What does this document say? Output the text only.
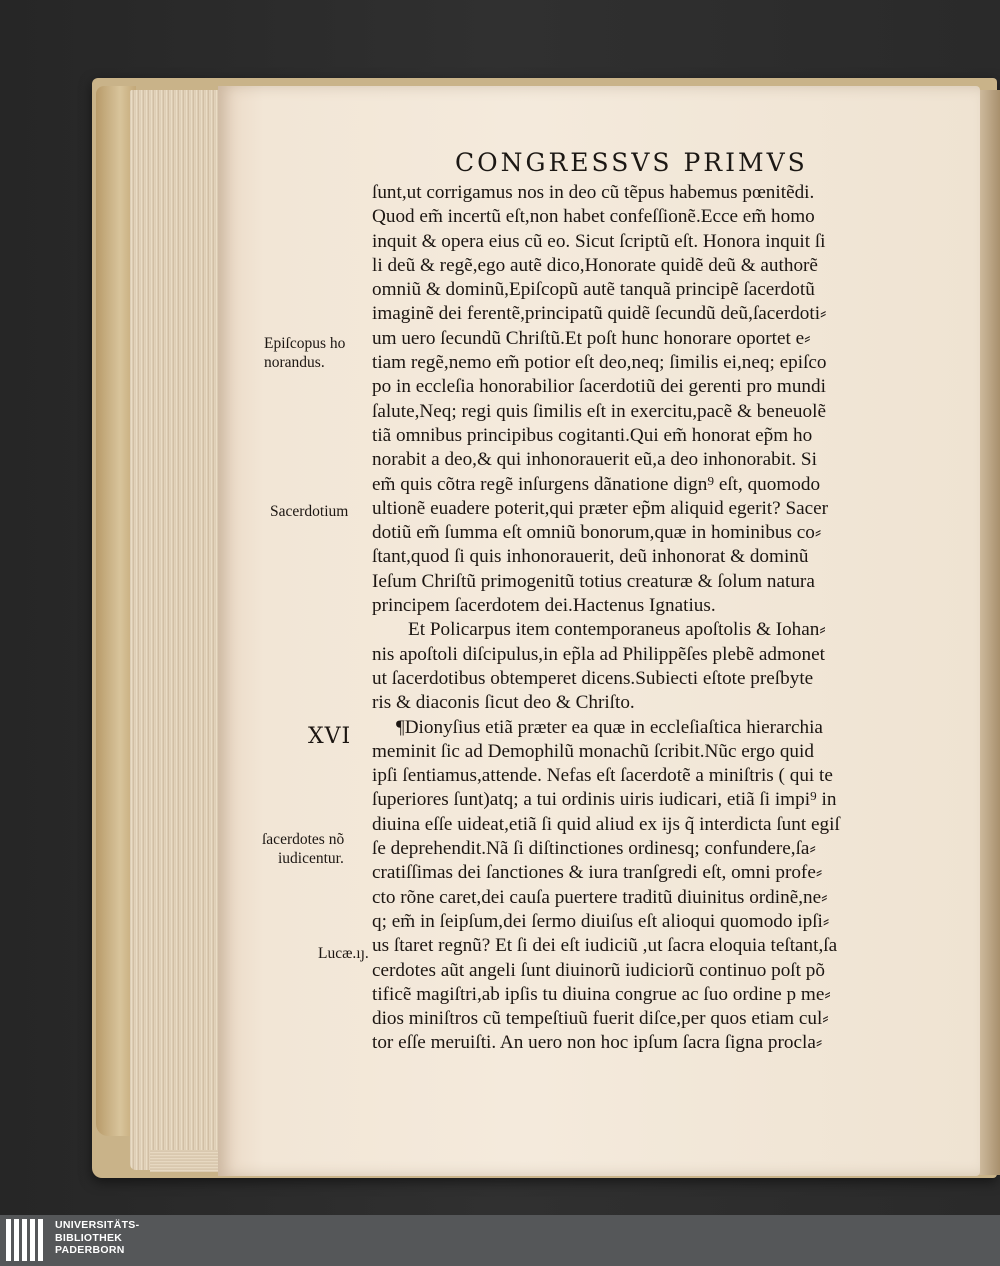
CONGRESSVS PRIMVS
ſunt,ut corrigamus nos in deo cũ tẽpus habemus pœnitẽdi.
Quod em̃ incertũ eſt,non habet confeſſionẽ.Ecce em̃ homo
inquit & opera eius cũ eo. Sicut ſcriptũ eſt. Honora inquit ſi
li deũ & regẽ,ego autẽ dico,Honorate quidẽ deũ & authorẽ
omniũ & dominũ,Epiſcopũ autẽ tanquã principẽ ſacerdotũ
imaginẽ dei ferentẽ,principatũ quidẽ ſecundũ deũ,ſacerdoti⸗
um uero ſecundũ Chriſtũ.Et poſt hunc honorare oportet e⸗
tiam regẽ,nemo em̃ potior eſt deo,neq; ſimilis ei,neq; epiſco
po in eccleſia honorabilior ſacerdotiũ dei gerenti pro mundi
ſalute,Neq; regi quis ſimilis eſt in exercitu,pacẽ & beneuolẽ
tiã omnibus principibus cogitanti.Qui em̃ honorat ep̃m ho
norabit a deo,& qui inhonorauerit eũ,a deo inhonorabit. Si
em̃ quis cõtra regẽ inſurgens dãnatione dign⁹ eſt, quomodo
ultionẽ euadere poterit,qui præter ep̃m aliquid egerit? Sacer
dotiũ em̃ ſumma eſt omniũ bonorum,quæ in hominibus co⸗
ſtant,quod ſi quis inhonorauerit, deũ inhonorat & dominũ
Ieſum Chriſtũ primogenitũ totius creaturæ & ſolum natura
principem ſacerdotem dei.Hactenus Ignatius.
Et Policarpus item contemporaneus apoſtolis & Iohan⸗
nis apoſtoli diſcipulus,in ep̃la ad Philippẽſes plebẽ admonet
ut ſacerdotibus obtemperet dicens.Subiecti eſtote preſbyte
ris & diaconis ſicut deo & Chriſto.
¶Dionyſius etiã præter ea quæ in eccleſiaſtica hierarchia
meminit ſic ad Demophilũ monachũ ſcribit.Nũc ergo quid
ipſi ſentiamus,attende. Nefas eſt ſacerdotẽ a miniſtris ( qui te
ſuperiores ſunt)atq; a tui ordinis uiris iudicari, etiã ſi impi⁹ in
diuina eſſe uideat,etiã ſi quid aliud ex ĳs q̃ interdicta ſunt egiſ
ſe deprehendit.Nã ſi diſtinctiones ordinesq; confundere,ſa⸗
cratiſſimas dei ſanctiones & iura tranſgredi eſt, omni profe⸗
cto rõne caret,dei cauſa puertere traditũ diuinitus ordinẽ,ne⸗
q; em̃ in ſeipſum,dei ſermo diuiſus eſt alioqui quomodo ipſi⸗
us ſtaret regnũ? Et ſi dei eſt iudiciũ ,ut ſacra eloquia teſtant,ſa
cerdotes aũt angeli ſunt diuinorũ iudiciorũ continuo poſt põ
tificẽ magiſtri,ab ipſis tu diuina congrue ac ſuo ordine p me⸗
dios miniſtros cũ tempeſtiuũ fuerit diſce,per quos etiam cul⸗
tor eſſe meruiſti. An uero non hoc ipſum ſacra ſigna procla⸗
Epiſcopus ho
norandus.
Sacerdotium
XVI
ſacerdotes nõ
iudicentur.
Lucæ.ıȷ.
UNIVERSITÄTS-
BIBLIOTHEK
PADERBORN
